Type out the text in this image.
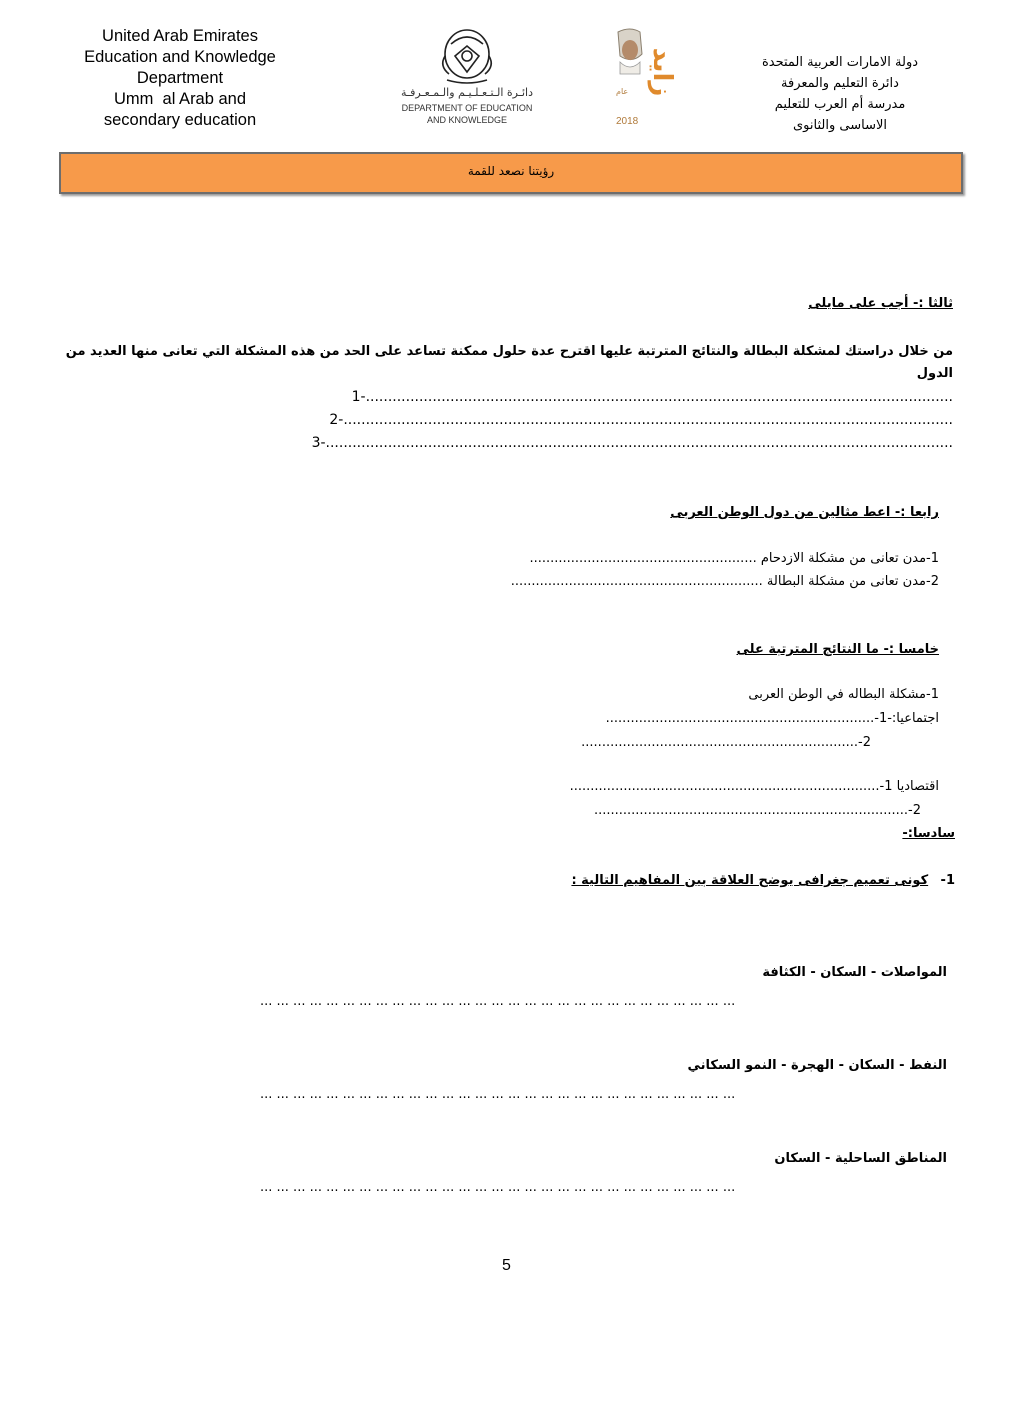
United Arab Emirates
Education and Knowledge
Department
Umm  al Arab and
secondary education
دائـرة الـتـعـلـيـم والـمـعـرفـة
DEPARTMENT OF EDUCATION
AND KNOWLEDGE
زايد
عام
2018
دولة الامارات العربية المتحدة
دائرة التعليم والمعرفة
مدرسة أم العرب للتعليم
الاساسى والثانوى
رؤيتنا نصعد للقمة
ثالثا :- أجب على مايلى
من خلال دراستك لمشكلة البطالة والنتائج المترتبة عليها اقترح عدة حلول ممكنة تساعد على الحد من هذه المشكلة التي تعانى منها العديد من الدول
1-....................................................................................................................................
2-.........................................................................................................................................
3-.............................................................................................................................................
رابعا :- اعط مثالين من دول الوطن العربى
1-مدن تعانى من مشكلة الازدحام .......................................................
2-مدن تعانى من مشكلة البطالة .............................................................
خامسا :- ما النتائج المترتبة على
1-مشكلة البطاله في الوطن العربى
اجتماعيا:-1-.................................................................
2-...................................................................
اقتصاديا 1-...........................................................................
2-............................................................................
سادسا:-
1-   كونى تعميم جغرافى يوضح العلاقة بين المفاهيم التالية :
المواصلات - السكان - الكثافة
... ... ... ... ... ... ... ... ... ... ... ... ... ... ... ... ... ... ... ... ... ... ... ... ... ... ... ... ...
النفط - السكان - الهجرة - النمو السكاني
... ... ... ... ... ... ... ... ... ... ... ... ... ... ... ... ... ... ... ... ... ... ... ... ... ... ... ... ...
المناطق الساحلية - السكان
... ... ... ... ... ... ... ... ... ... ... ... ... ... ... ... ... ... ... ... ... ... ... ... ... ... ... ... ...
5
